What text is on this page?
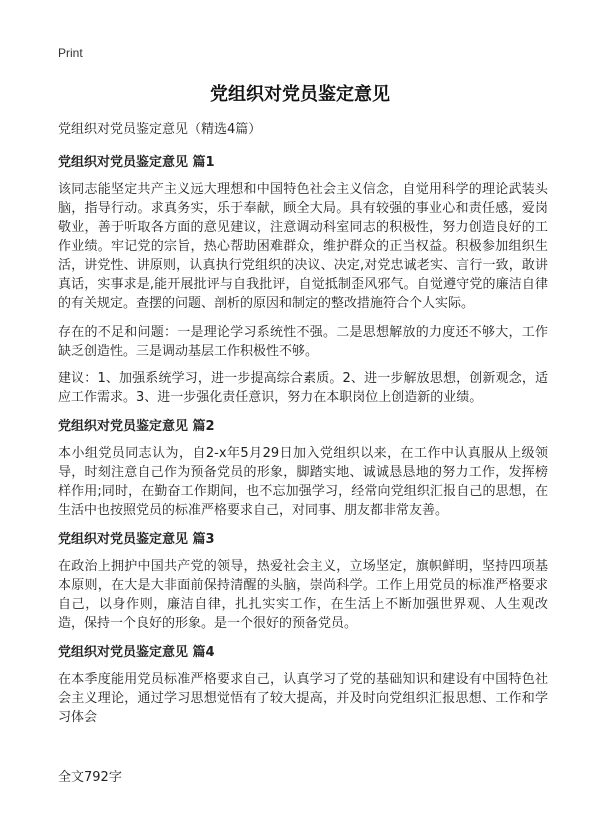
Print
党组织对党员鉴定意见

党组织对党员鉴定意见（精选4篇）

党组织对党员鉴定意见 篇1

该同志能坚定共产主义远大理想和中国特色社会主义信念，自觉用科学的理论武装头脑，指导行动。求真务实，乐于奉献，顾全大局。具有较强的事业心和责任感，爱岗敬业，善于听取各方面的意见建议，注意调动科室同志的积极性，努力创造良好的工作业绩。牢记党的宗旨，热心帮助困难群众，维护群众的正当权益。积极参加组织生活，讲党性、讲原则，认真执行党组织的决议、决定,对党忠诚老实、言行一致，敢讲真话，实事求是,能开展批评与自我批评，自觉抵制歪风邪气。自觉遵守党的廉洁自律的有关规定。查摆的问题、剖析的原因和制定的整改措施符合个人实际。

存在的不足和问题：一是理论学习系统性不强。二是思想解放的力度还不够大，工作缺乏创造性。三是调动基层工作积极性不够。

建议：1、加强系统学习，进一步提高综合素质。2、进一步解放思想，创新观念，适应工作需求。3、进一步强化责任意识，努力在本职岗位上创造新的业绩。

党组织对党员鉴定意见 篇2

本小组党员同志认为，自2-x年5月29日加入党组织以来，在工作中认真服从上级领导，时刻注意自己作为预备党员的形象，脚踏实地、诚诚恳恳地的努力工作，发挥榜样作用;同时，在勤奋工作期间，也不忘加强学习，经常向党组织汇报自己的思想，在生活中也按照党员的标准严格要求自己，对同事、朋友都非常友善。

党组织对党员鉴定意见 篇3

在政治上拥护中国共产党的领导，热爱社会主义，立场坚定，旗帜鲜明，坚持四项基本原则，在大是大非面前保持清醒的头脑，崇尚科学。工作上用党员的标准严格要求自己，以身作则，廉洁自律，扎扎实实工作，在生活上不断加强世界观、人生观改造，保持一个良好的形象。是一个很好的预备党员。

党组织对党员鉴定意见 篇4

在本季度能用党员标准严格要求自己，认真学习了党的基础知识和建设有中国特色社会主义理论，通过学习思想觉悟有了较大提高，并及时向党组织汇报思想、工作和学习体会

全文792字
